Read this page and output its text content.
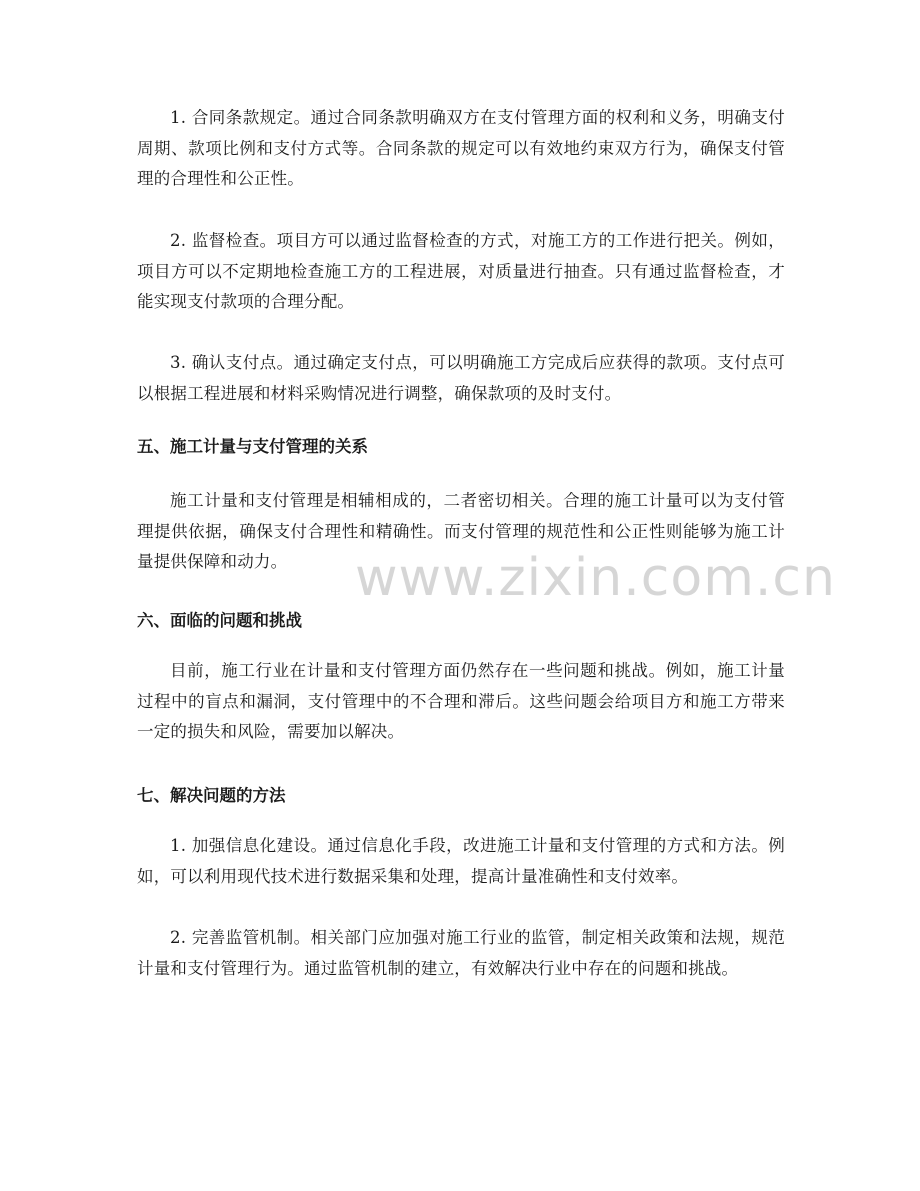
1. 合同条款规定。通过合同条款明确双方在支付管理方面的权利和义务，明确支付周期、款项比例和支付方式等。合同条款的规定可以有效地约束双方行为，确保支付管理的合理性和公正性。

2. 监督检查。项目方可以通过监督检查的方式，对施工方的工作进行把关。例如，项目方可以不定期地检查施工方的工程进展，对质量进行抽查。只有通过监督检查，才能实现支付款项的合理分配。

3. 确认支付点。通过确定支付点，可以明确施工方完成后应获得的款项。支付点可以根据工程进展和材料采购情况进行调整，确保款项的及时支付。

五、施工计量与支付管理的关系

施工计量和支付管理是相辅相成的，二者密切相关。合理的施工计量可以为支付管理提供依据，确保支付合理性和精确性。而支付管理的规范性和公正性则能够为施工计量提供保障和动力。

六、面临的问题和挑战

目前，施工行业在计量和支付管理方面仍然存在一些问题和挑战。例如，施工计量过程中的盲点和漏洞，支付管理中的不合理和滞后。这些问题会给项目方和施工方带来一定的损失和风险，需要加以解决。

七、解决问题的方法

1. 加强信息化建设。通过信息化手段，改进施工计量和支付管理的方式和方法。例如，可以利用现代技术进行数据采集和处理，提高计量准确性和支付效率。

2. 完善监管机制。相关部门应加强对施工行业的监管，制定相关政策和法规，规范计量和支付管理行为。通过监管机制的建立，有效解决行业中存在的问题和挑战。

www.zixin.com.cn
